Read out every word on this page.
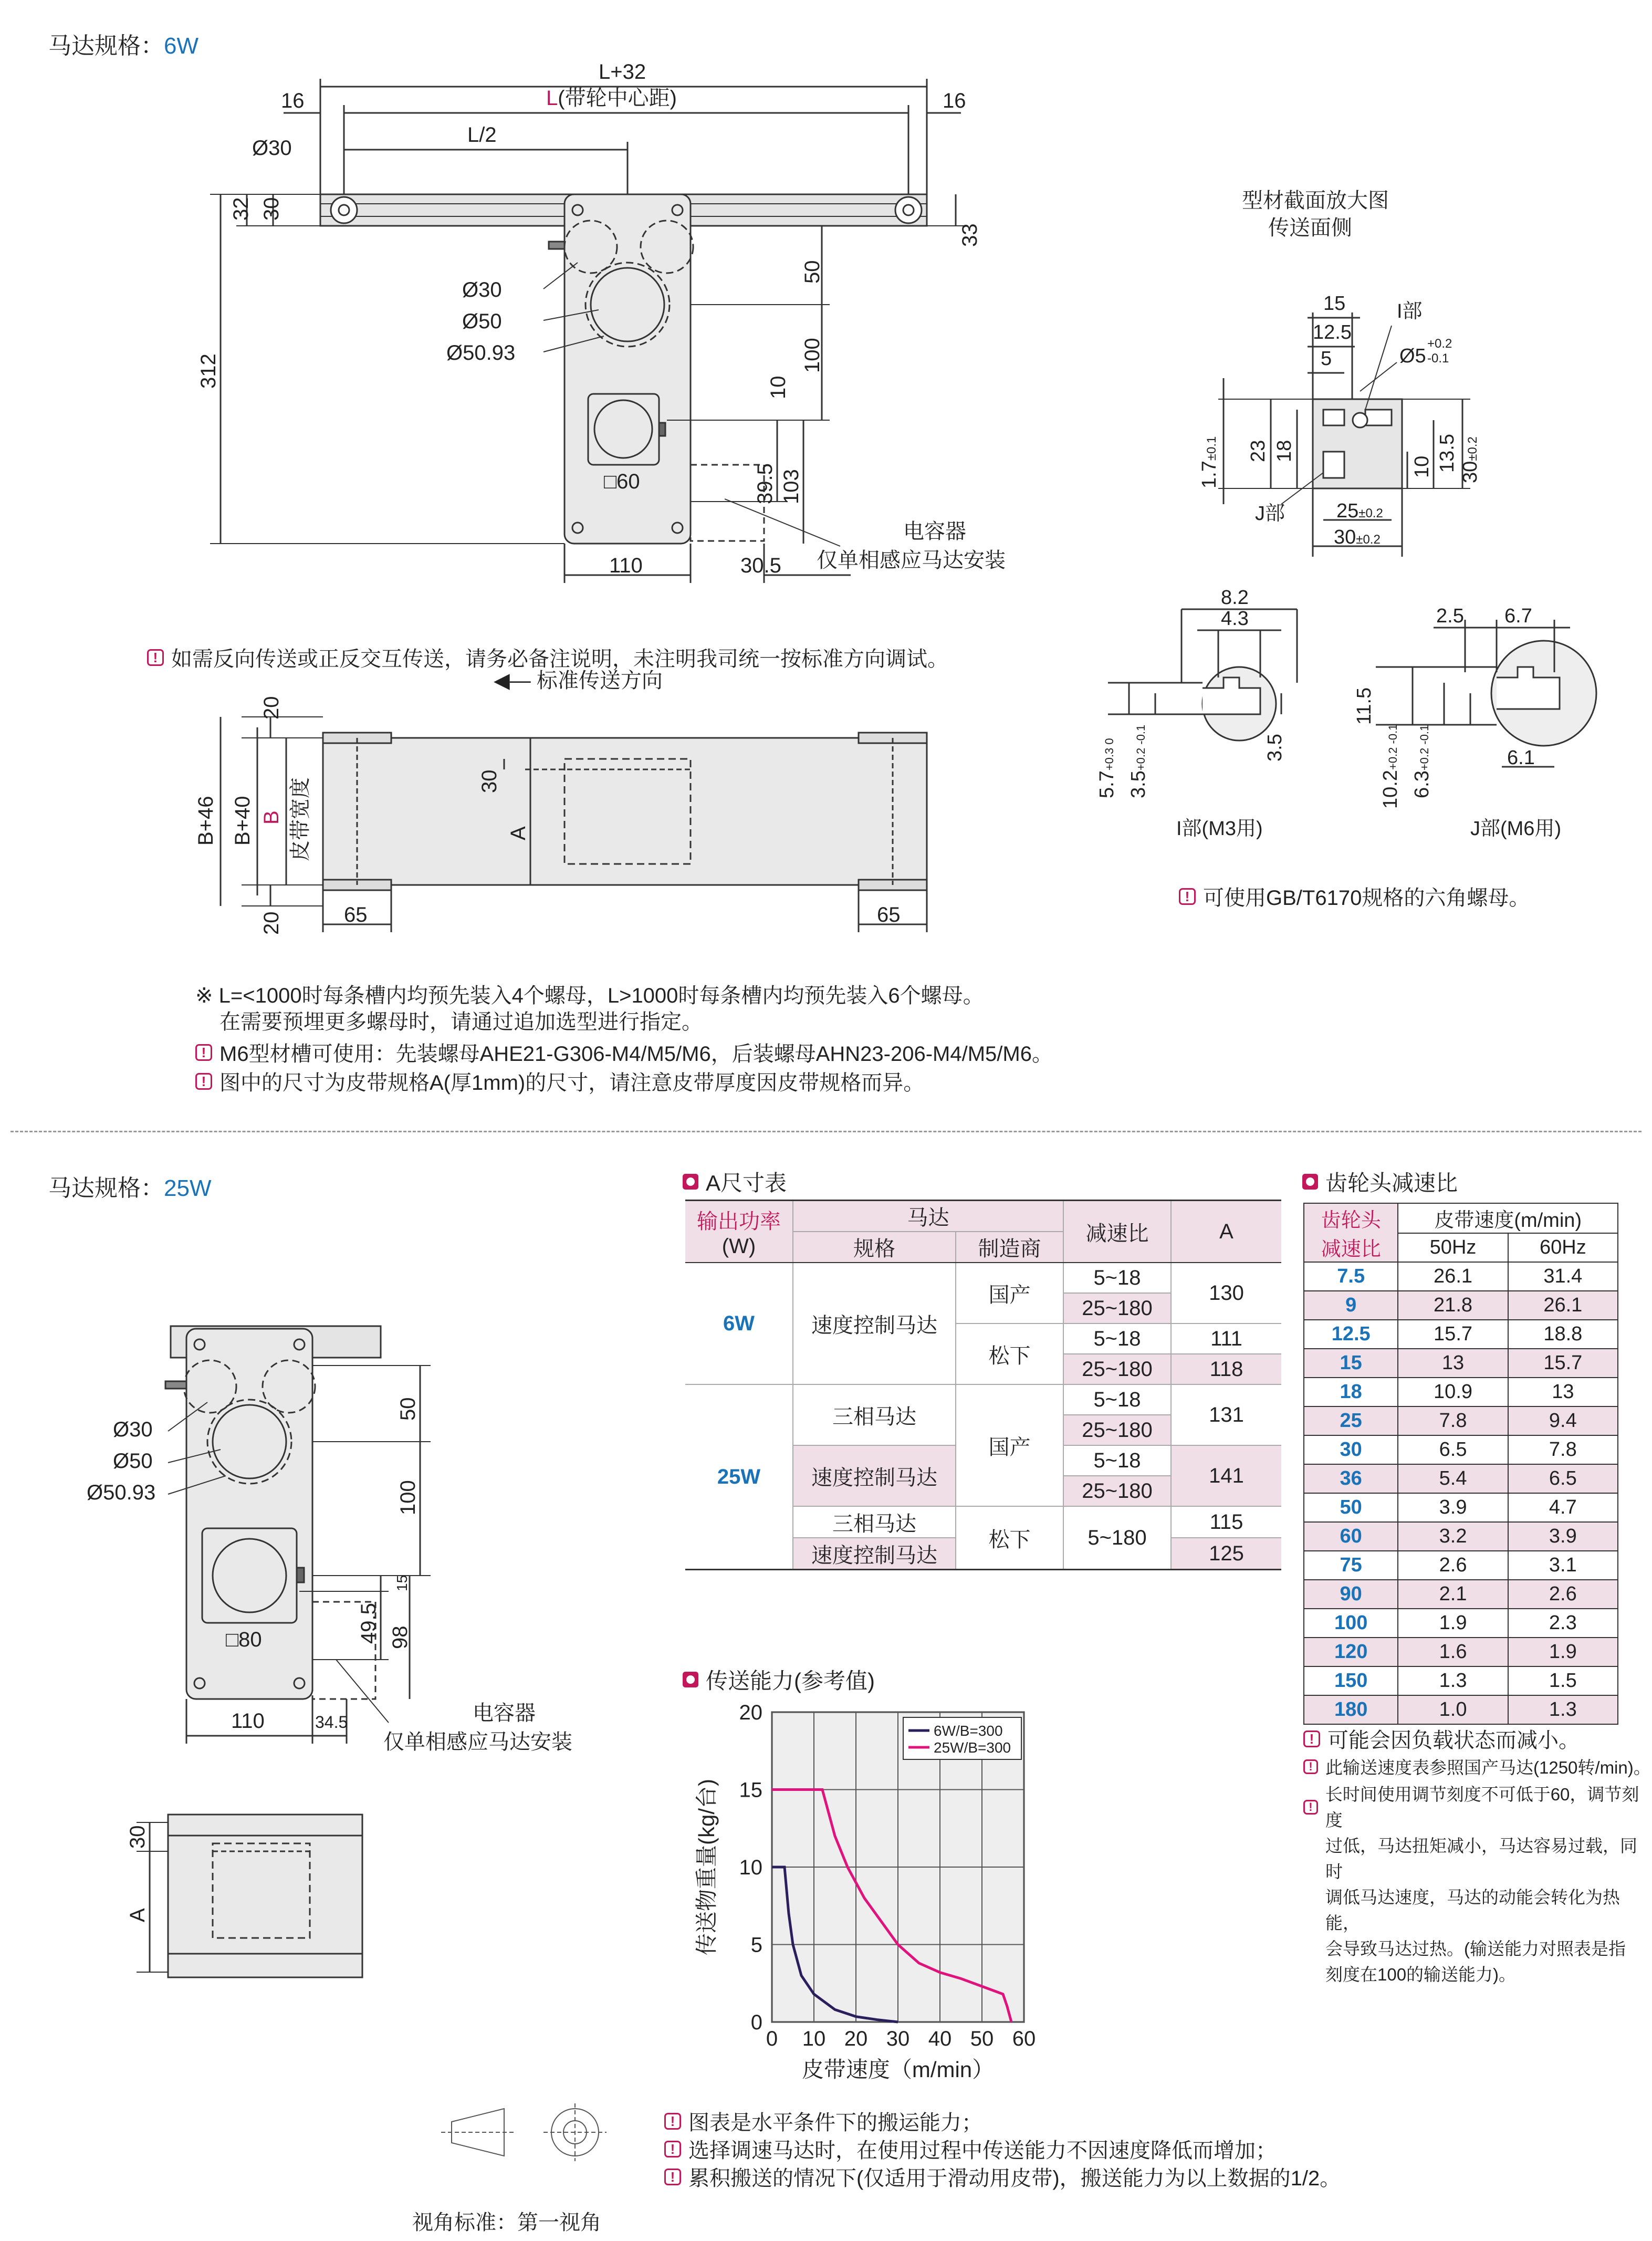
马达规格：6W
L+32
L(带轮中心距)
L/2
16	16
Ø30
32 30
33
312
Ø30
Ø50
Ø50.93
50
100
10
39.5 103
□60
110	30.5
电容器
仅单相感应马达安装
型材截面放大图
传送面侧
15
12.5
5
I部
Ø5
+0.2
-0.1
1.7±0.1 23 18
10 13.5 30±0.2
J部	25±0.2
30±0.2
8.2
4.3
5.7+0.3 0
3.5+0.2 -0.1	3.5
I部(M3用)
2.5 6.7
11.5
10.2+0.2 -0.1
6.3+0.2 -0.1	6.1
J部(M6用)
! 可使用GB/T6170规格的六角螺母。
! 如需反向传送或正反交互传送，请务必备注说明，未注明我司统一按标准方向调试。
◀— 标准传送方向
20
20
B+46 B+40 B 皮带宽度	30
A
65	65
※ L=<1000时每条槽内均预先装入4个螺母，L>1000时每条槽内均预先装入6个螺母。
在需要预埋更多螺母时，请通过追加选型进行指定。
! M6型材槽可使用：先装螺母AHE21-G306-M4/M5/M6，后装螺母AHN23-206-M4/M5/M6。
! 图中的尺寸为皮带规格A(厚1mm)的尺寸，请注意皮带厚度因皮带规格而异。
马达规格：25W
Ø30
Ø50
Ø50.93
50
100
15
49.5 98
□80
110	34.5	电容器
仅单相感应马达安装
30
A
视角标准：第一视角
A尺寸表
输出功率
(W)	马达		减速比	A	
	规格	制造商			
6W	速度控制马达	国产	5~18	130	
			25~180		
		松下	5~18	111	
			25~180	118	
25W	三相马达	国产	5~18	131	
			25~180		
	速度控制马达		5~18	141	
			25~180		
	三相马达	松下	5~180	115	

	速度控制马达			125	

齿轮头减速比
齿轮头
减速比	皮带速度(m/min)	
	50Hz	60Hz
7.5	26.1	31.4
9	21.8	26.1
12.5	15.7	18.8
15	13	15.7
18	10.9	13
25	7.8	9.4
30	6.5	7.8
36	5.4	6.5
50	3.9	4.7
60	3.2	3.9
75	2.6	3.1
90	2.1	2.6
100	1.9	2.3
120	1.6	1.9
150	1.3	1.5
180	1.0	1.3
! 可能会因负载状态而减小。
! 此输送速度表参照国产马达(1250转/min)。
!
长时间使用调节刻度不可低于60，调节刻度
过低，马达扭矩减小，马达容易过载，同时
调低马达速度，马达的动能会转化为热能，
会导致马达过热。(输送能力对照表是指
刻度在100的输送能力)。
传送能力(参考值)
0 10 20 30 40 50 60
0
5
10
15
20
6W/B=300
25W/B=300
皮带速度（m/min）
传送物重量(kg/台)
! 图表是水平条件下的搬运能力；
! 选择调速马达时，在使用过程中传送能力不因速度降低而增加；
! 累积搬送的情况下(仅适用于滑动用皮带)，搬送能力为以上数据的1/2。
